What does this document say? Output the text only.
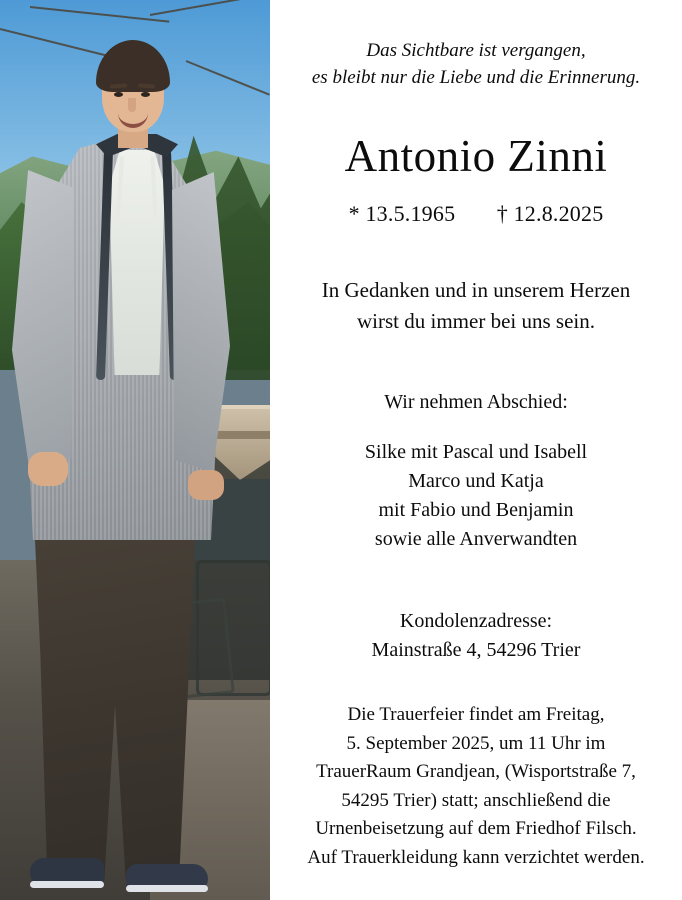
Das Sichtbare ist vergangen,
es bleibt nur die Liebe und die Erinnerung.

Antonio Zinni

* 13.5.1965 † 12.8.2025

In Gedanken und in unserem Herzen
wirst du immer bei uns sein.

Wir nehmen Abschied:

Silke mit Pascal und Isabell
Marco und Katja
mit Fabio und Benjamin
sowie alle Anverwandten

Kondolenzadresse:
Mainstraße 4, 54296 Trier

Die Trauerfeier findet am Freitag,
5. September 2025, um 11 Uhr im
TrauerRaum Grandjean, (Wisportstraße 7,
54295 Trier) statt; anschließend die
Urnenbeisetzung auf dem Friedhof Filsch.
Auf Trauerkleidung kann verzichtet werden.
